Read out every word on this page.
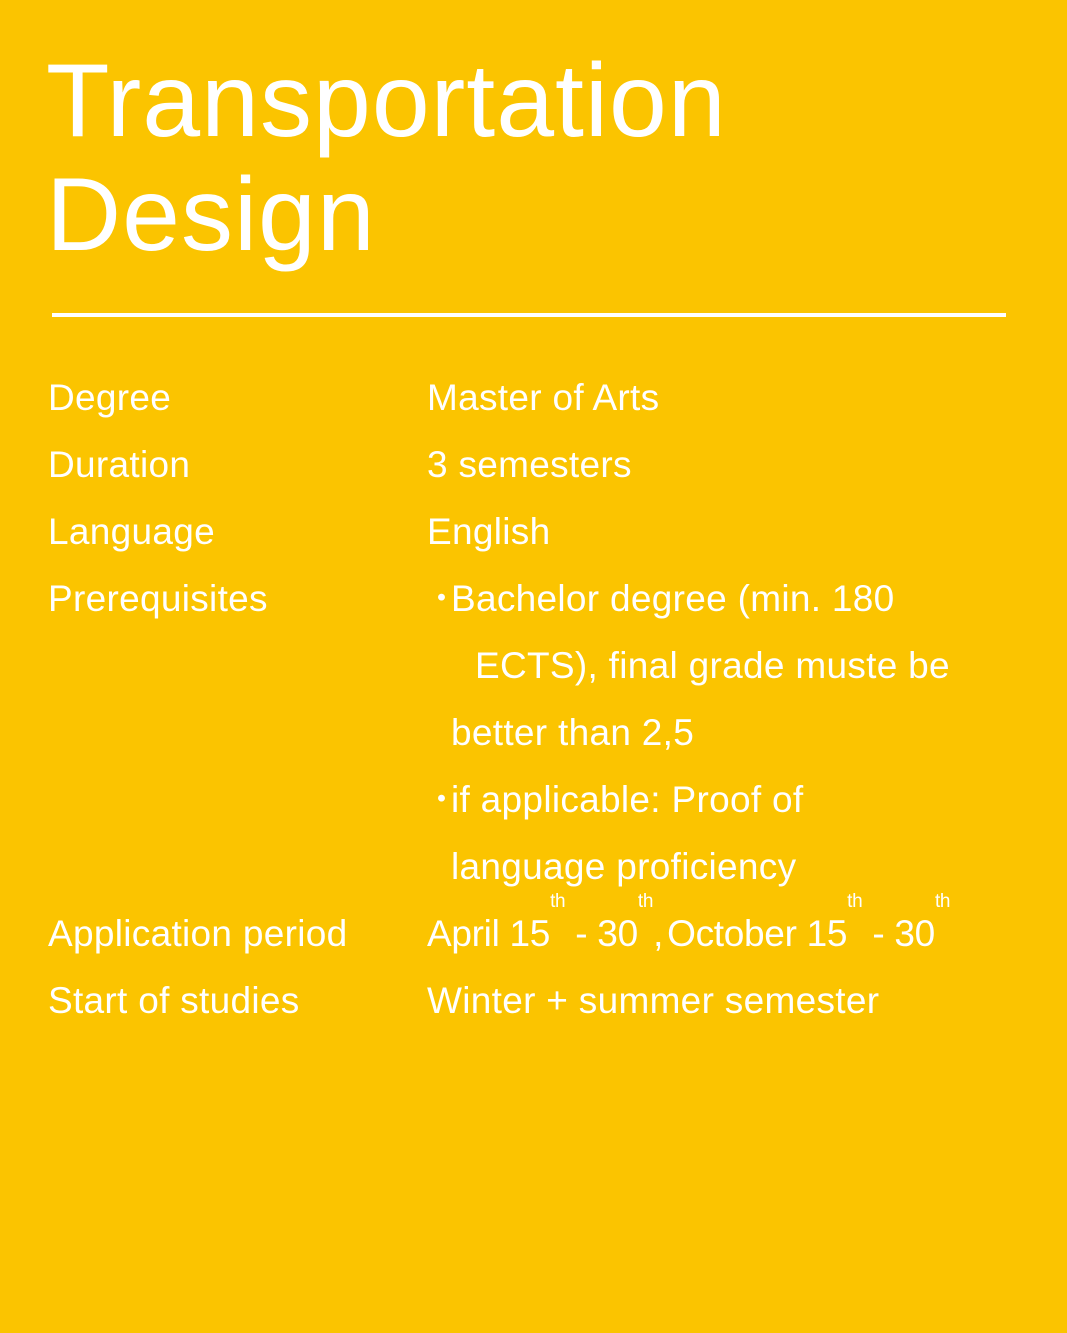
Transportation
Design
Degree	Master of Arts
Duration	3 semesters
Language	English
Prerequisites	・
Bachelor degree (min. 180
ECTS), final grade muste be
better than 2,5
・
if applicable: Proof of
language proficiency
Application period	April 15th - 30th, October 15th - 30th
Start of studies	Winter + summer semester
